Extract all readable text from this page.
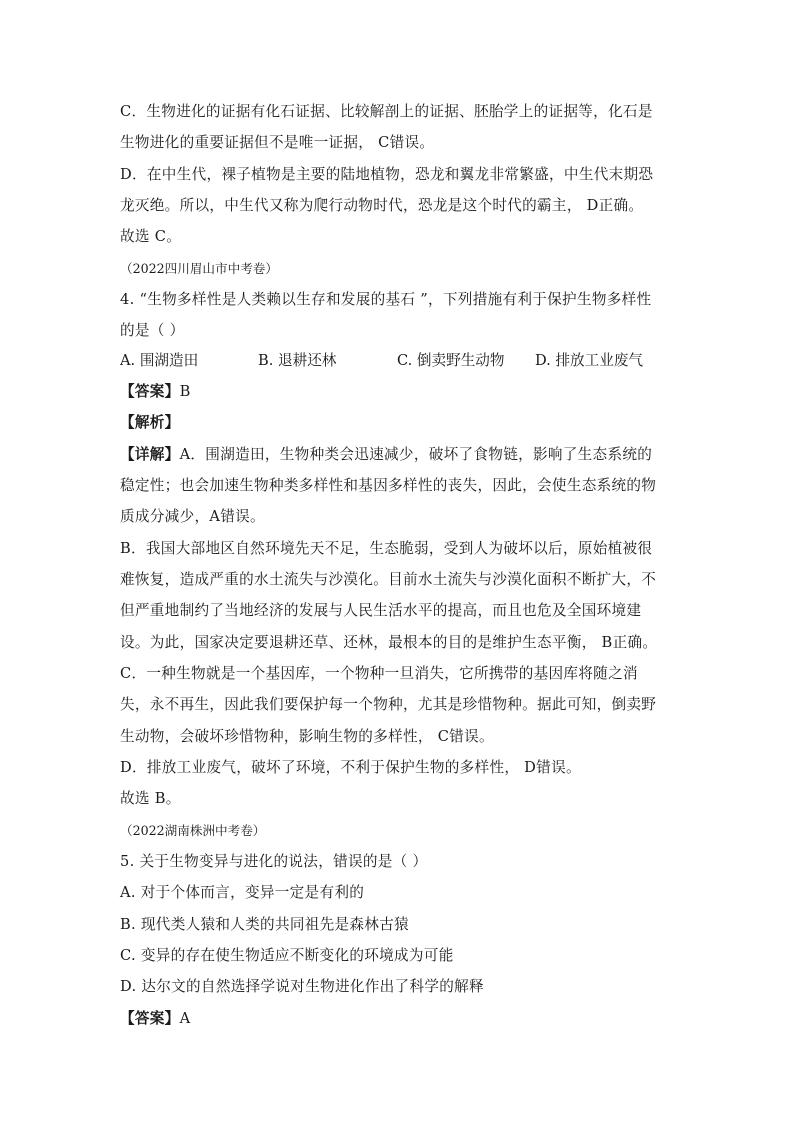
C．生物进化的证据有化石证据、比较解剖上的证据、胚胎学上的证据等，化石是
生物进化的重要证据但不是唯一证据， C错误。
D．在中生代，裸子植物是主要的陆地植物，恐龙和翼龙非常繁盛，中生代末期恐
龙灭绝。所以，中生代又称为爬行动物时代，恐龙是这个时代的霸主， D正确。
故选 C。
（2022四川眉山市中考卷）
4. “生物多样性是人类赖以生存和发展的基石 ”，下列措施有利于保护生物多样性
的是（ ）
A. 围湖造田	B. 退耕还林	C. 倒卖野生动物 D. 排放工业废气
【答案】B
【解析】
【详解】A．围湖造田，生物种类会迅速减少，破坏了食物链，影响了生态系统的
稳定性；也会加速生物种类多样性和基因多样性的丧失，因此，会使生态系统的物
质成分减少，A错误。
B．我国大部地区自然环境先天不足，生态脆弱，受到人为破坏以后，原始植被很
难恢复，造成严重的水土流失与沙漠化。目前水土流失与沙漠化面积不断扩大，不
但严重地制约了当地经济的发展与人民生活水平的提高，而且也危及全国环境建
设。为此，国家决定要退耕还草、还林，最根本的目的是维护生态平衡， B正确。
C．一种生物就是一个基因库，一个物种一旦消失，它所携带的基因库将随之消
失，永不再生，因此我们要保护每一个物种，尤其是珍惜物种。据此可知，倒卖野
生动物，会破坏珍惜物种，影响生物的多样性， C错误。
D．排放工业废气，破坏了环境，不利于保护生物的多样性， D错误。
故选 B。
（2022湖南株洲中考卷）
5. 关于生物变异与进化的说法，错误的是（ ）
A. 对于个体而言，变异一定是有利的
B. 现代类人猿和人类的共同祖先是森林古猿
C. 变异的存在使生物适应不断变化的环境成为可能
D. 达尔文的自然选择学说对生物进化作出了科学的解释
【答案】A
